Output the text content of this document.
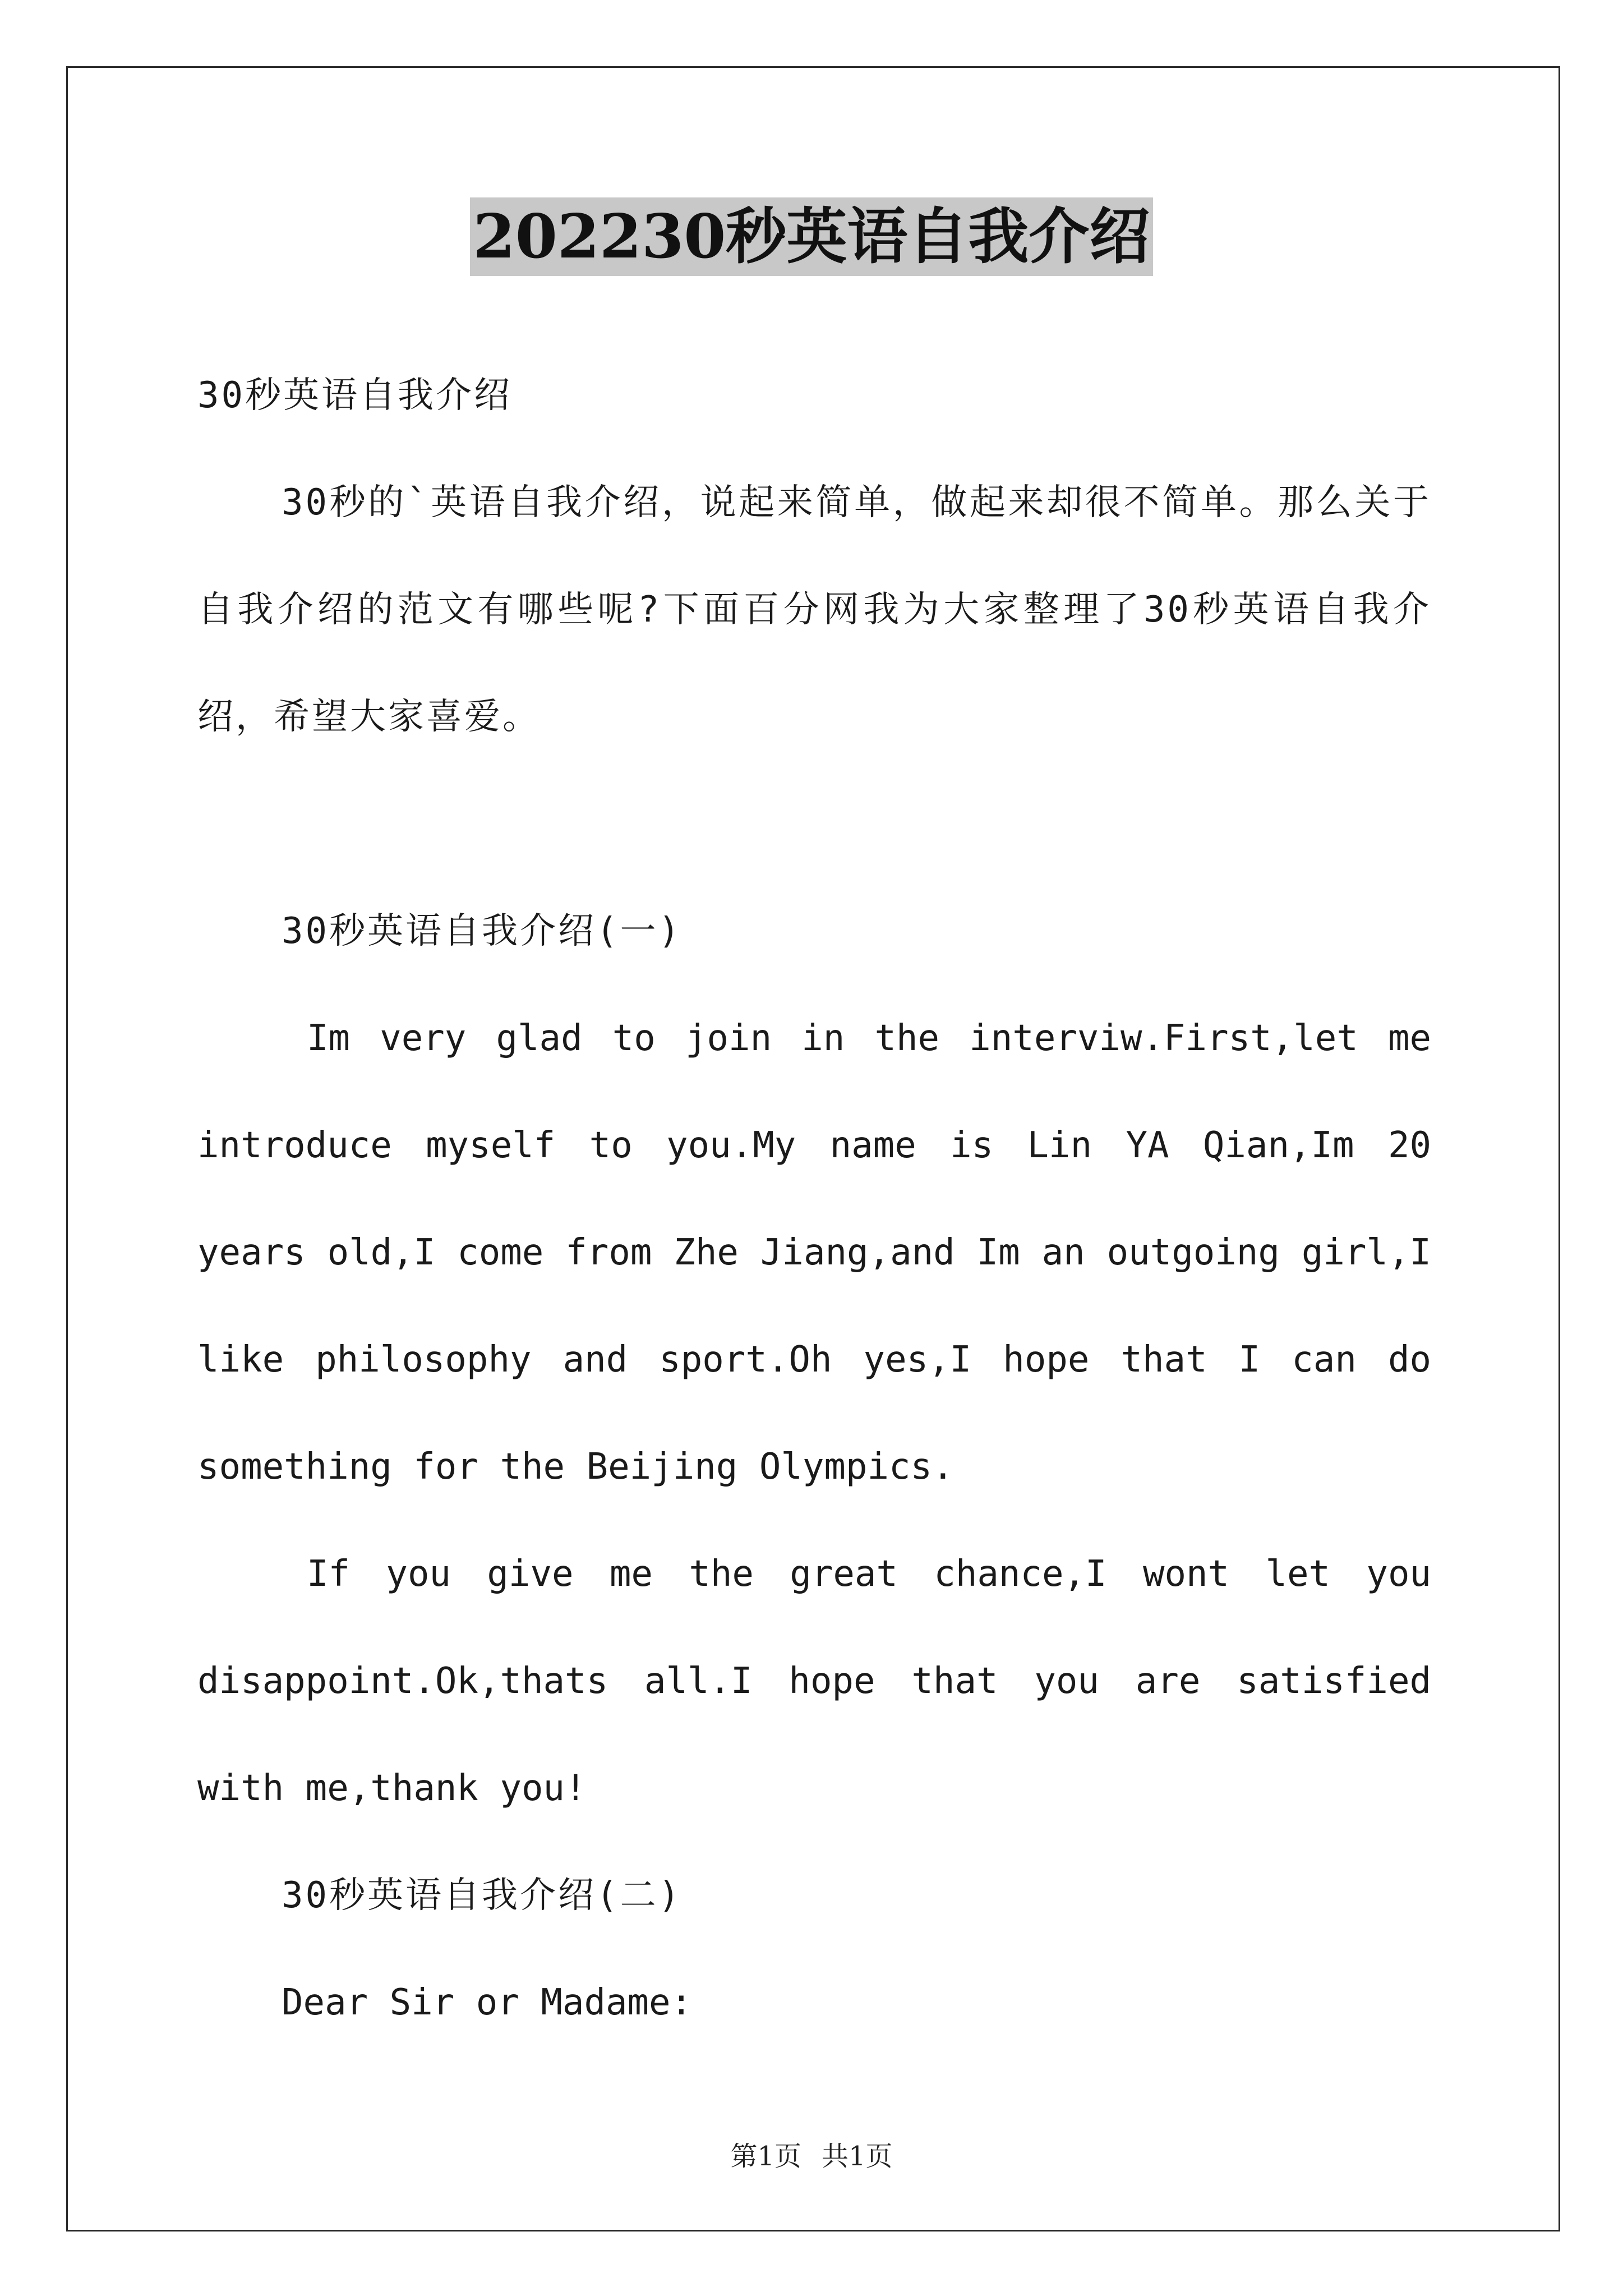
202230秒英语自我介绍

30秒英语自我介绍

30秒的`英语自我介绍，说起来简单，做起来却很不简单。那么关于自我介绍的范文有哪些呢?下面百分网我为大家整理了30秒英语自我介绍，希望大家喜爱。

30秒英语自我介绍(一)

Im very glad to join in the interviw.First,let me introduce myself to you.My name is Lin YA Qian,Im 20 years old,I come from Zhe Jiang,and Im an outgoing girl,I like philosophy and sport.Oh yes,I hope that I can do something for the Beijing Olympics.

If you give me the great chance,I wont let you disappoint.Ok,thats all.I hope that you are satisfied with me,thank you!

30秒英语自我介绍(二)

Dear Sir or Madame:

第1页 共1页
